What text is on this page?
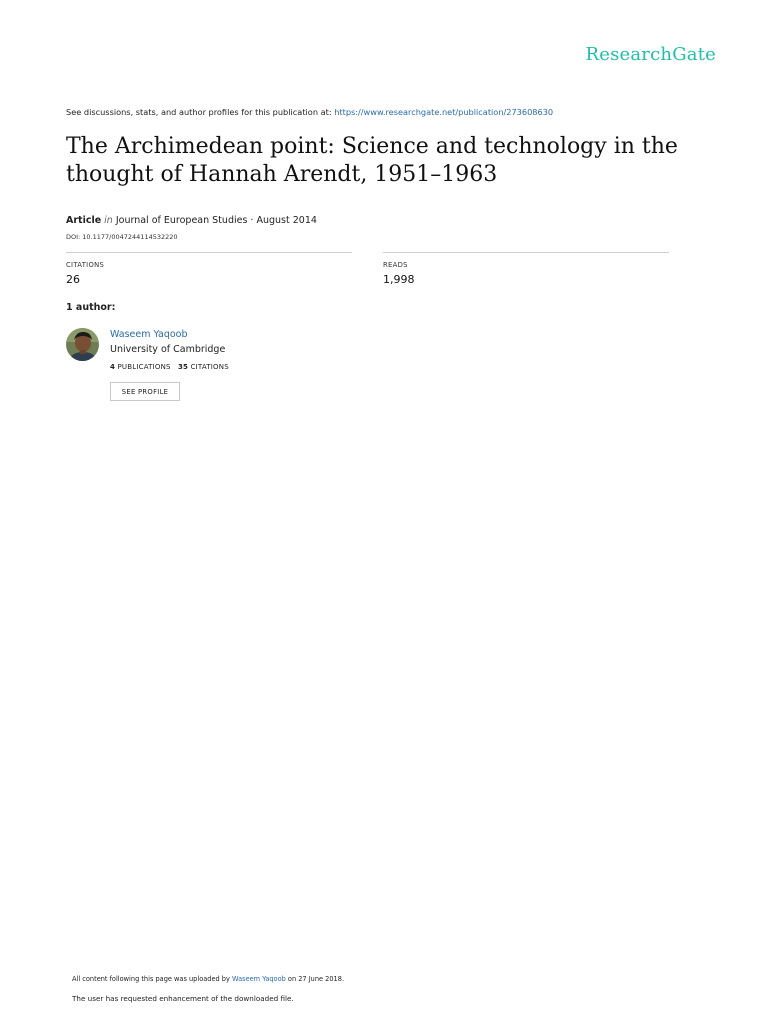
ResearchGate
See discussions, stats, and author profiles for this publication at: https://www.researchgate.net/publication/273608630
The Archimedean point: Science and technology in the thought of Hannah Arendt, 1951–1963
Article in Journal of European Studies · August 2014
DOI: 10.1177/0047244114532220
CITATIONS
26
READS
1,998
1 author:
Waseem Yaqoob
University of Cambridge
4 PUBLICATIONS 35 CITATIONS
SEE PROFILE
All content following this page was uploaded by Waseem Yaqoob on 27 June 2018.
The user has requested enhancement of the downloaded file.
